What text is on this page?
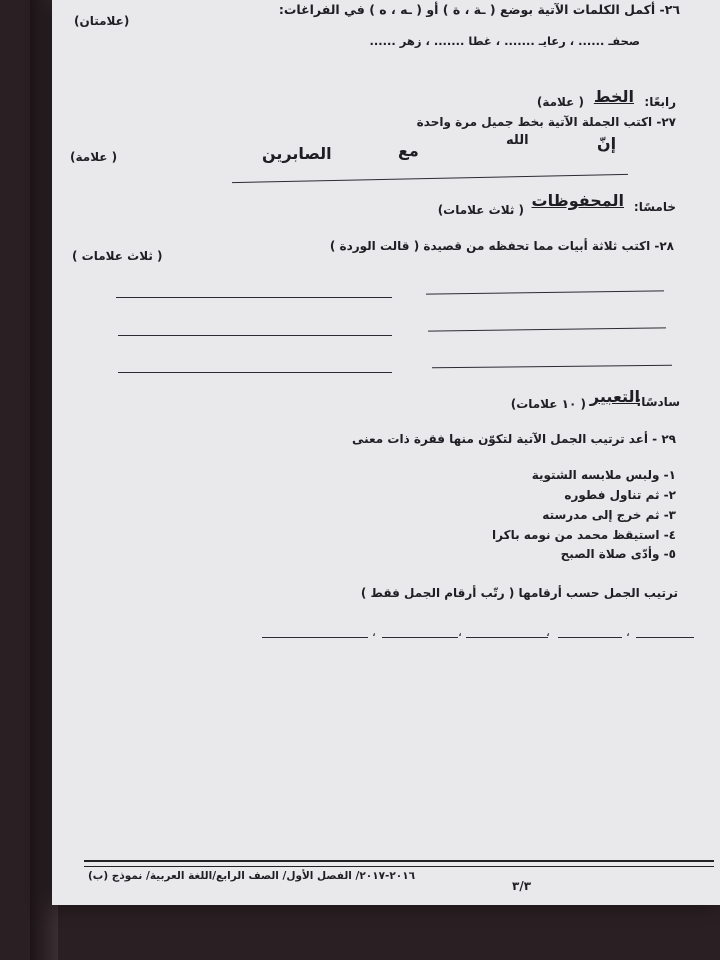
٢٦- أكمل الكلمات الآتية بوضع ( ـة ، ة ) أو ( ـه ، ه ) في الفراغات:
(علامتان)
صحفـ ...... ، رعايـ ....... ، غطا ....... ، زهر ......
رابعًا:
الخط
( علامة)
٢٧- اكتب الجملة الآتية بخط جميل مرة واحدة
( علامة)
إنّ
الله
مع
الصابرين
خامسًا:
المحفوظات
( ثلاث علامات)
٢٨- اكتب ثلاثة أبيات مما تحفظه من قصيدة ( قالت الوردة )
( ثلاث علامات )
سادسًا:
التعبير
( ١٠ علامات)
٢٩ - أعد ترتيب الجمل الآتية لتكوّن منها فقرة ذات معنى
١- ولبس ملابسه الشتوية
٢- ثم تناول فطوره
٣- ثم خرج إلى مدرسته
٤- استيقظ محمد من نومه باكرا
٥- وأدّى صلاة الصبح
ترتيب الجمل حسب أرقامها ( رتّب أرقام الجمل فقط )
،
،
،
،
٣/٣
٢٠١٦-٢٠١٧/ الفصل الأول/ الصف الرابع/اللغة العربية/ نموذج (ب)
